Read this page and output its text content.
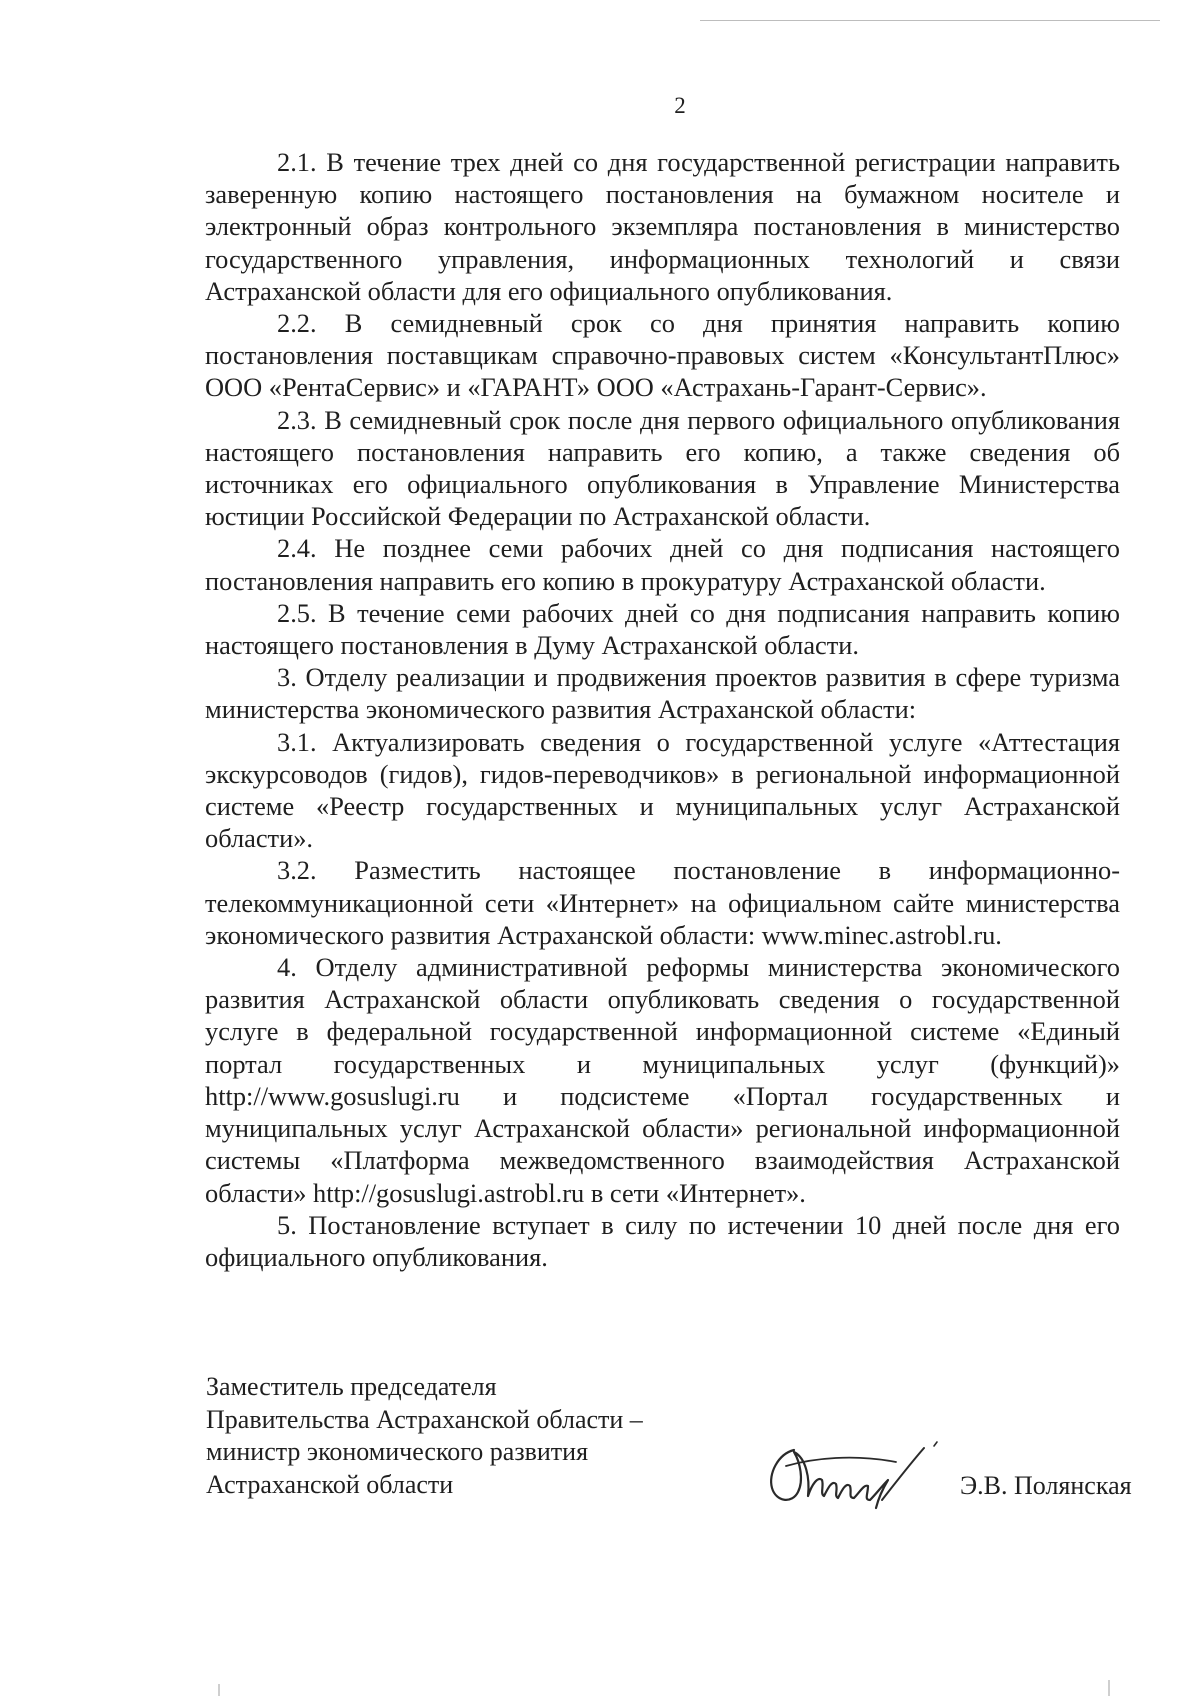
2

2.1. В течение трех дней со дня государственной регистрации направить заверенную копию настоящего постановления на бумажном носителе и электронный образ контрольного экземпляра постановления в министерство государственного управления, информационных технологий и связи Астраханской области для его официального опубликования.

2.2. В семидневный срок со дня принятия направить копию постановления поставщикам справочно-правовых систем «КонсультантПлюс» ООО «РентаСервис» и «ГАРАНТ» ООО «Астрахань-Гарант-Сервис».

2.3. В семидневный срок после дня первого официального опубликования настоящего постановления направить его копию, а также сведения об источниках его официального опубликования в Управление Министерства юстиции Российской Федерации по Астраханской области.

2.4. Не позднее семи рабочих дней со дня подписания настоящего постановления направить его копию в прокуратуру Астраханской области.

2.5. В течение семи рабочих дней со дня подписания направить копию настоящего постановления в Думу Астраханской области.

3. Отделу реализации и продвижения проектов развития в сфере туризма министерства экономического развития Астраханской области:

3.1. Актуализировать сведения о государственной услуге «Аттестация экскурсоводов (гидов), гидов-переводчиков» в региональной информационной системе «Реестр государственных и муниципальных услуг Астраханской области».

3.2. Разместить настоящее постановление в информационно-телекоммуникационной сети «Интернет» на официальном сайте министерства экономического развития Астраханской области: www.minec.astrobl.ru.

4. Отделу административной реформы министерства экономического развития Астраханской области опубликовать сведения о государственной услуге в федеральной государственной информационной системе «Единый портал государственных и муниципальных услуг (функций)» http://www.gosuslugi.ru и подсистеме «Портал государственных и муниципальных услуг Астраханской области» региональной информационной системы «Платформа межведомственного взаимодействия Астраханской области» http://gosuslugi.astrobl.ru в сети «Интернет».

5. Постановление вступает в силу по истечении 10 дней после дня его официального опубликования.

Заместитель председателя
Правительства Астраханской области –
министр экономического развития
Астраханской области	Э.В. Полянская
